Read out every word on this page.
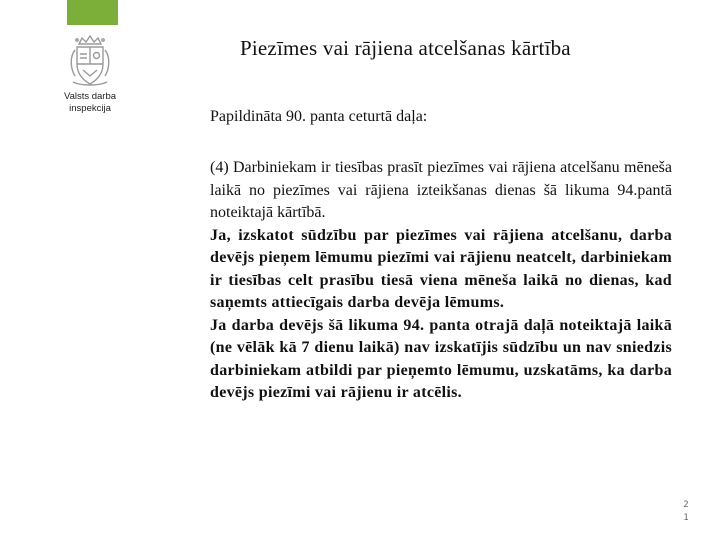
Valsts darba
inspekcija
Piezīmes vai rājiena atcelšanas kārtība
Papildināta 90. panta ceturtā daļa:

(4) Darbiniekam ir tiesības prasīt piezīmes vai rājiena atcelšanu mēneša laikā no piezīmes vai rājiena izteikšanas dienas šā likuma 94.pantā noteiktajā kārtībā.

Ja, izskatot sūdzību par piezīmes vai rājiena atcelšanu, darba devējs pieņem lēmumu piezīmi vai rājienu neatcelt, darbiniekam ir tiesības celt prasību tiesā viena mēneša laikā no dienas, kad saņemts attiecīgais darba devēja lēmums.

Ja darba devējs šā likuma 94. panta otrajā daļā noteiktajā laikā (ne vēlāk kā 7 dienu laikā) nav izskatījis sūdzību un nav sniedzis darbiniekam atbildi par pieņemto lēmumu, uzskatāms, ka darba devējs piezīmi vai rājienu ir atcēlis.

2
1
